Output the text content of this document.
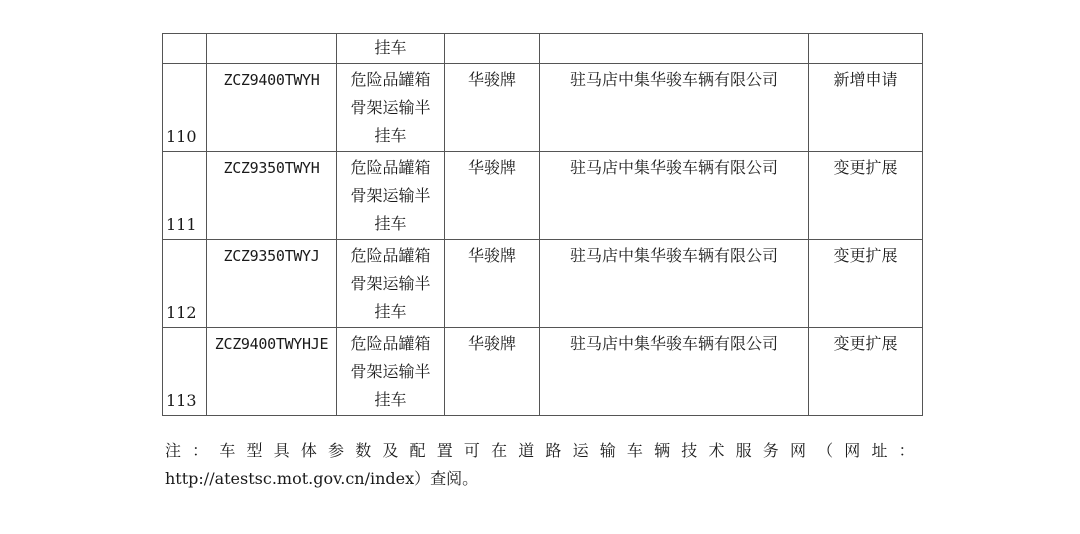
		挂车			

110	ZCZ9400TWYH	危险品罐箱
骨架运输半
挂车	华骏牌	驻马店中集华骏车辆有限公司	新增申请
111	ZCZ9350TWYH	危险品罐箱
骨架运输半
挂车	华骏牌	驻马店中集华骏车辆有限公司	变更扩展
112	ZCZ9350TWYJ	危险品罐箱
骨架运输半
挂车	华骏牌	驻马店中集华骏车辆有限公司	变更扩展
113	ZCZ9400TWYHJE	危险品罐箱
骨架运输半
挂车	华骏牌	驻马店中集华骏车辆有限公司	变更扩展
注 ： 车 型 具 体 参 数 及 配 置 可 在 道 路 运 输 车 辆 技 术 服 务 网 （ 网 址 ：
http://atestsc.mot.gov.cn/index）查阅。
